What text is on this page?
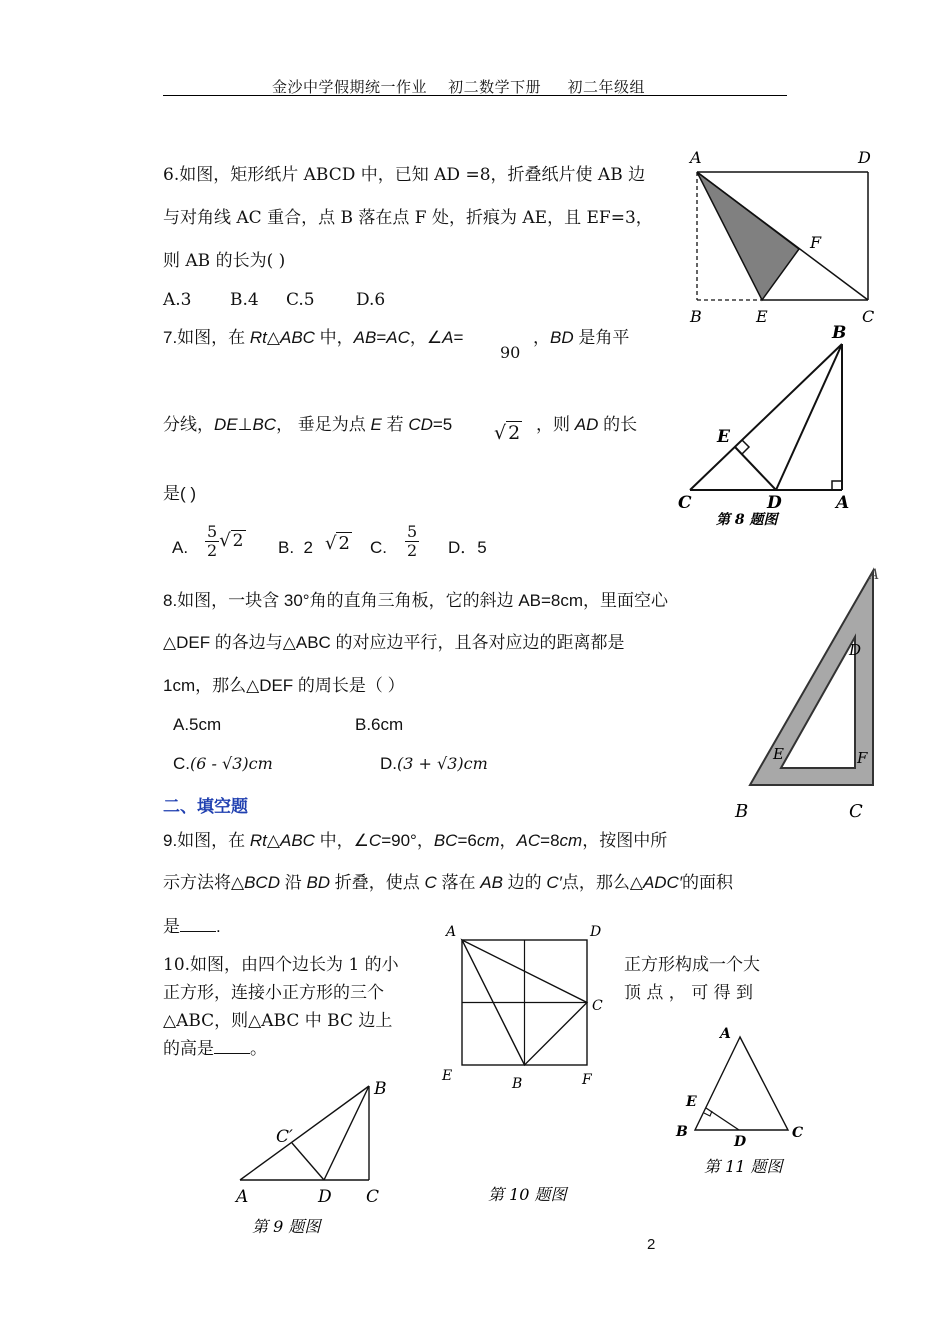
金沙中学假期统一作业 初二数学下册 初二年级组
6.如图，矩形纸片 ABCD 中，已知 AD =8，折叠纸片使 AB 边
与对角线 AC 重合，点 B 落在点 F 处，折痕为 AE，且 EF=3，
则 AB 的长为( )
A.3 B.4 C.5 D.6
A	D
F
B	E	C
7.如图，在 Rt△ABC 中，AB=AC，∠A=
90
，BD 是角平
分线，DE⊥BC， 垂足为点 E 若 CD=5 √ 2 ，则 AD 的长
是( )
A. $\frac{5}{2}$ √ 2 B. 2 √ 2 C. $\frac{5}{2}$ D．5
B
E
C	D	A
第 8 题图
8.如图，一块含 30°角的直角三角板，它的斜边 AB=8cm，里面空心
△DEF 的各边与△ABC 的对应边平行，且各对应边的距离都是
1cm，那么△DEF 的周长是（ ）
A.5cm	B.6cm
C.(6 - √3)cm	D.(3 + √3)cm
A
D
E	F
B	C
二、填空题
9.如图，在 Rt△ABC 中，∠C=90°，BC=6cm，AC=8cm，按图中所
示方法将△BCD 沿 BD 折叠，使点 C 落在 AB 边的 C′点，那么△ADC′的面积
是 .
B
C′
A	D C
第 9 题图
10.如图，由四个边长为 1 的小
正方形，连接小正方形的三个
△ABC，则△ABC 中 BC 边上
的高是 。
正方形构成一个大
顶 点 ， 可 得 到
A	D
C
E	B	F
第 10 题图
A
E
B
D
C
第 11 题图
2
